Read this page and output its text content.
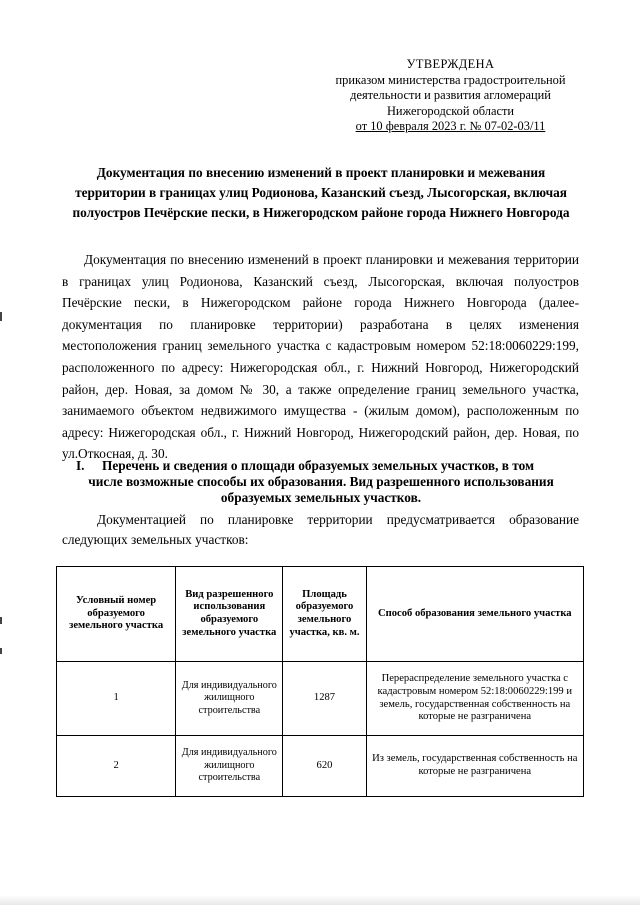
УТВЕРЖДЕНА
приказом министерства градостроительной
деятельности и развития агломераций
Нижегородской области
от 10 февраля 2023 г. № 07-02-03/11
Документация по внесению изменений в проект планировки и межевания территории в границах улиц Родионова, Казанский съезд, Лысогорская, включая полуостров Печёрские пески, в Нижегородском районе города Нижнего Новгорода
Документация по внесению изменений в проект планировки и межевания территории в границах улиц Родионова, Казанский съезд, Лысогорская, включая полуостров Печёрские пески, в Нижегородском районе города Нижнего Новгорода (далее-документация по планировке территории) разработана в целях изменения местоположения границ земельного участка с кадастровым номером 52:18:0060229:199, расположенного по адресу: Нижегородская обл., г. Нижний Новгород, Нижегородский район, дер. Новая, за домом № 30, а также определение границ земельного участка, занимаемого объектом недвижимого имущества - (жилым домом), расположенным по адресу: Нижегородская обл., г. Нижний Новгород, Нижегородский район, дер. Новая, по ул.Откосная, д. 30.
I. Перечень и сведения о площади образуемых земельных участков, в том
числе возможные способы их образования. Вид разрешенного использования образуемых земельных участков.
Документацией по планировке территории предусматривается образование следующих земельных участков:
Условный номер образуемого земельного участка	Вид разрешенного использования образуемого земельного участка	Площадь образуемого земельного участка, кв. м.	Способ образования земельного участка
1	Для индивидуального жилищного строительства	1287	Перераспределение земельного участка с кадастровым номером 52:18:0060229:199 и земель, государственная собственность на которые не разграничена
2	Для индивидуального жилищного строительства	620	Из земель, государственная собственность на которые не разграничена
